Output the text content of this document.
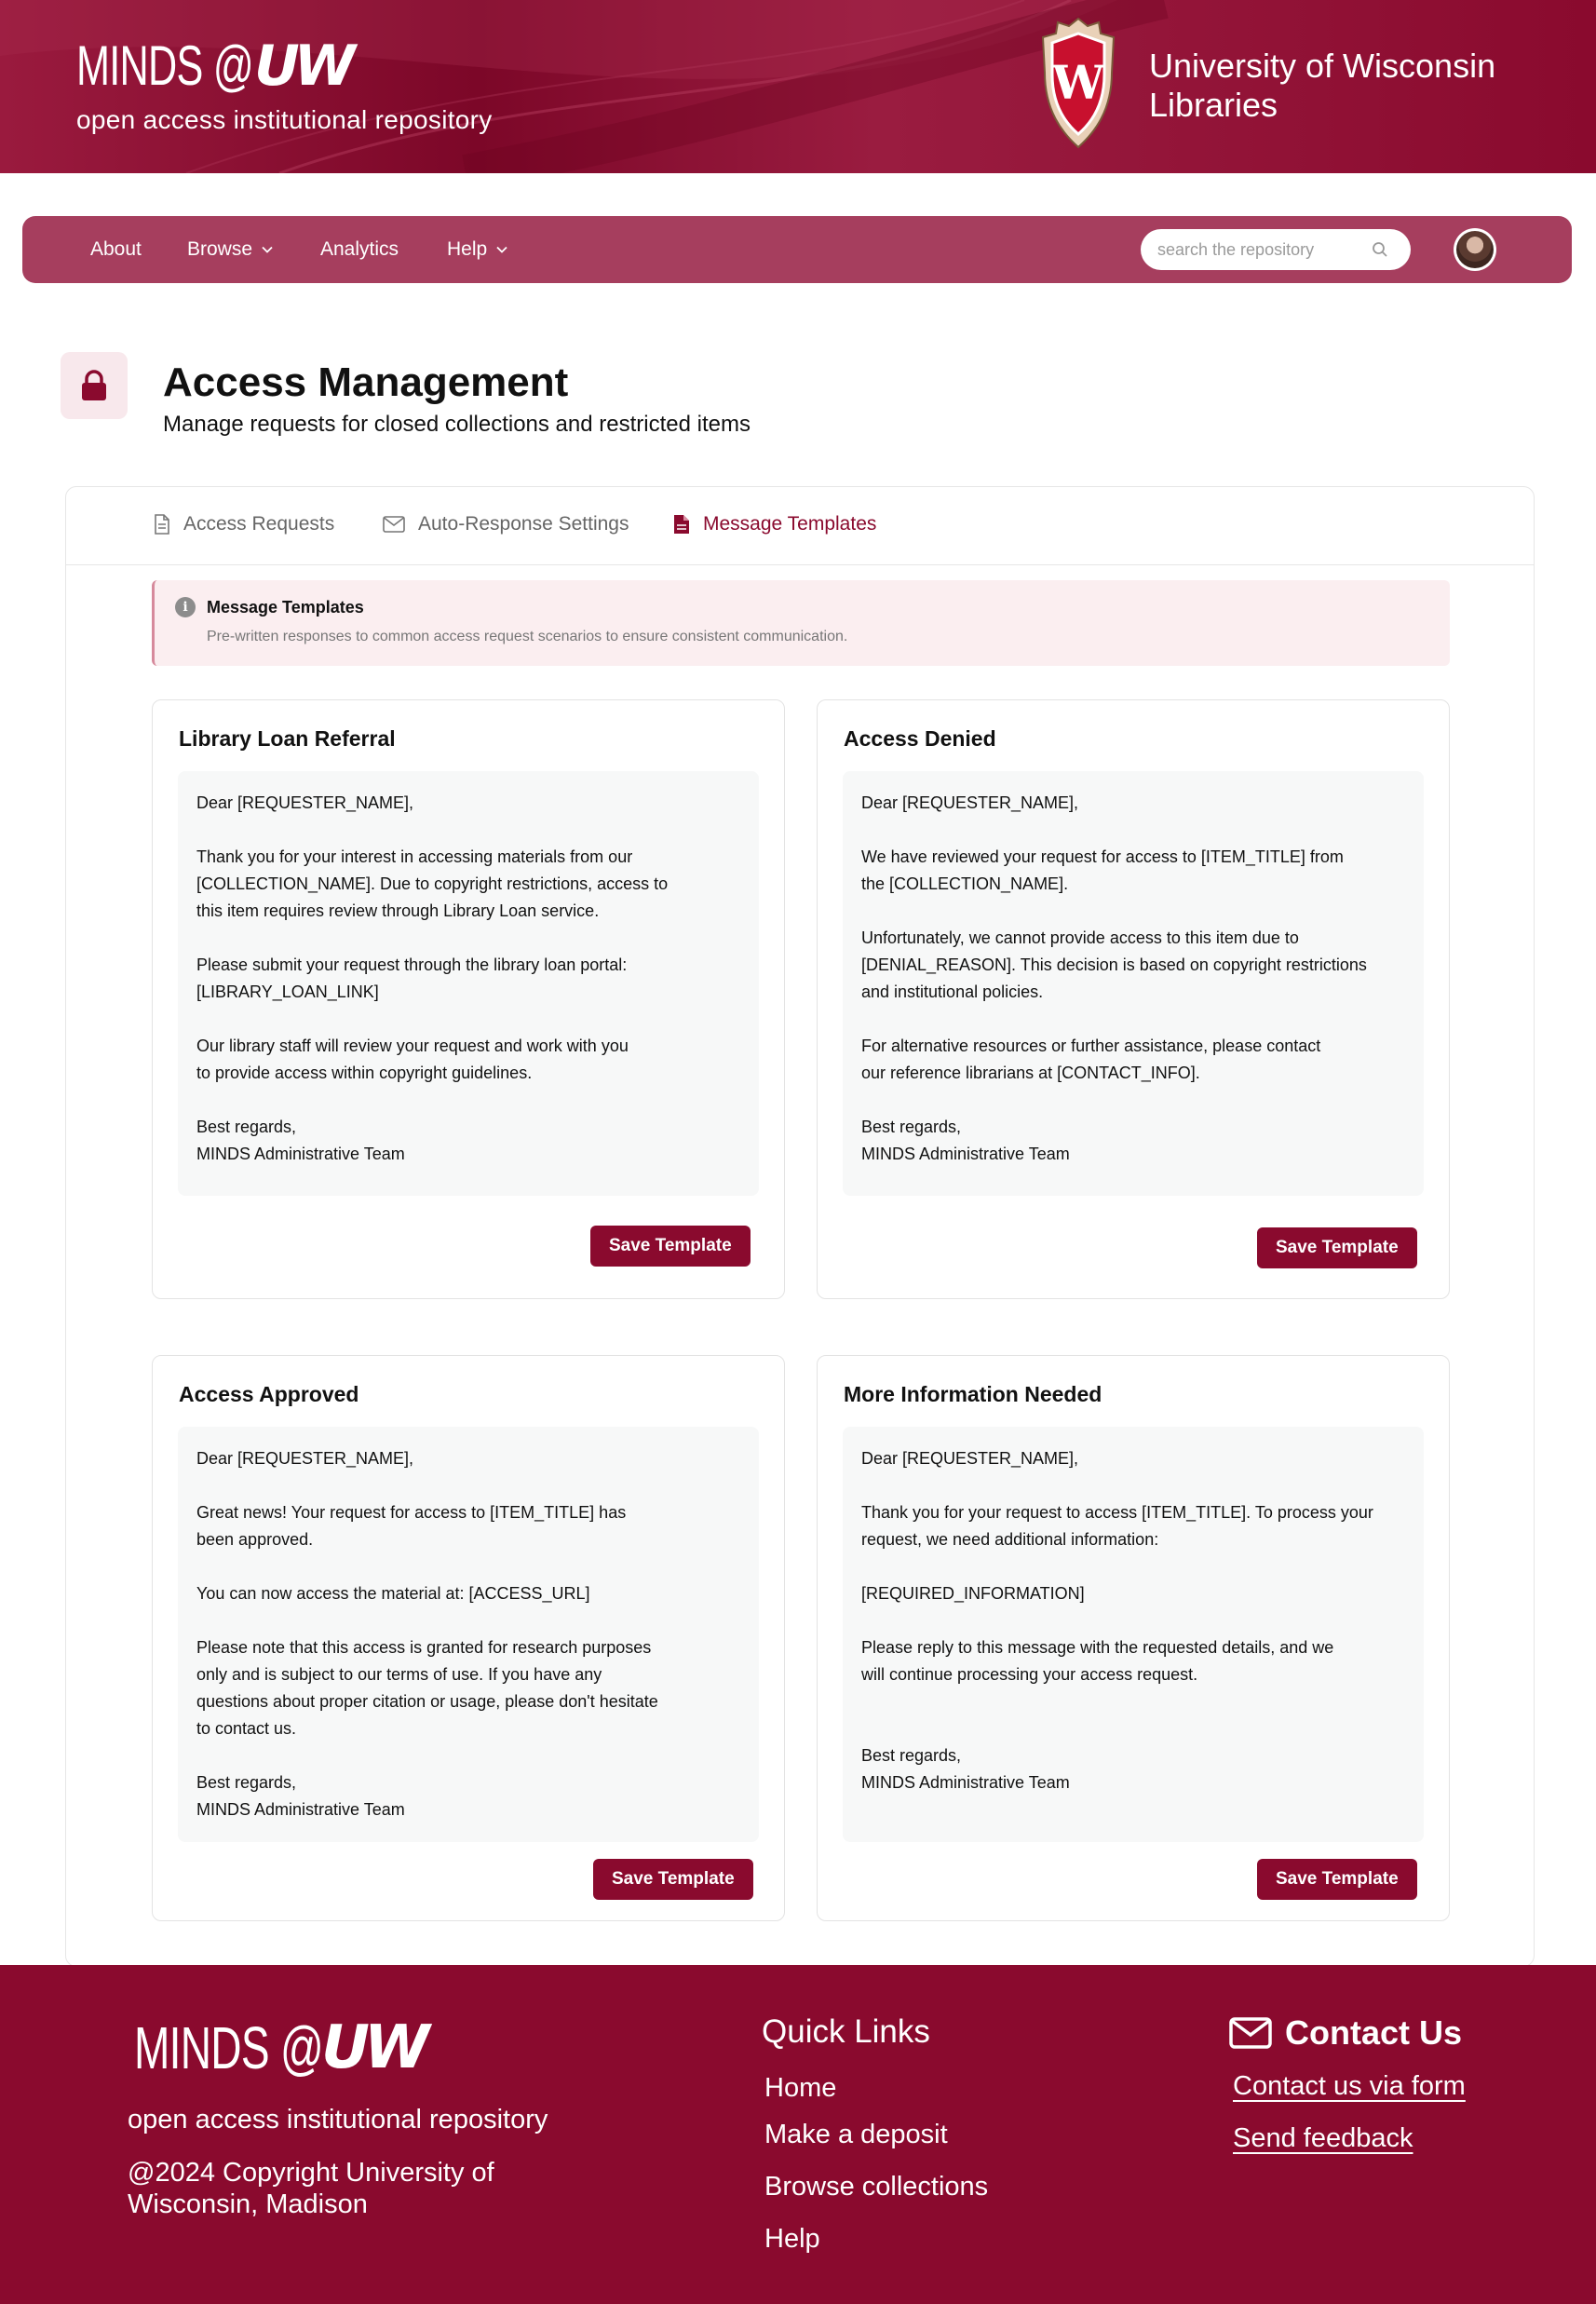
MINDS @ UW
open access institutional repository
W University of Wisconsin
Libraries
About Browse	Analytics Help
search the repository
Access Management
Manage requests for closed collections and restricted items
Access Requests	Auto-Response Settings	Message Templates
i	Message Templates
Pre-written responses to common access request scenarios to ensure consistent communication.
Library Loan Referral
Dear [REQUESTER_NAME],

Thank you for your interest in accessing materials from our
[COLLECTION_NAME]. Due to copyright restrictions, access to
this item requires review through Library Loan service.

Please submit your request through the library loan portal:
[LIBRARY_LOAN_LINK]

Our library staff will review your request and work with you
to provide access within copyright guidelines.

Best regards,
MINDS Administrative Team
Save Template
Access Denied
Dear [REQUESTER_NAME],

We have reviewed your request for access to [ITEM_TITLE] from
the [COLLECTION_NAME].

Unfortunately, we cannot provide access to this item due to
[DENIAL_REASON]. This decision is based on copyright restrictions
and institutional policies.

For alternative resources or further assistance, please contact
our reference librarians at [CONTACT_INFO].

Best regards,
MINDS Administrative Team
Save Template
Access Approved
Dear [REQUESTER_NAME],

Great news! Your request for access to [ITEM_TITLE] has
been approved.

You can now access the material at: [ACCESS_URL]

Please note that this access is granted for research purposes
only and is subject to our terms of use. If you have any
questions about proper citation or usage, please don't hesitate
to contact us.

Best regards,
MINDS Administrative Team
Save Template
More Information Needed
Dear [REQUESTER_NAME],

Thank you for your request to access [ITEM_TITLE]. To process your
request, we need additional information:

[REQUIRED_INFORMATION]

Please reply to this message with the requested details, and we
will continue processing your access request.

Best regards,
MINDS Administrative Team
Save Template
MINDS @
UW
open access institutional repository
@2024 Copyright University of Wisconsin, Madison
Quick Links
Home
Make a deposit
Browse collections
Help
Contact Us
Contact us via form
Send feedback
